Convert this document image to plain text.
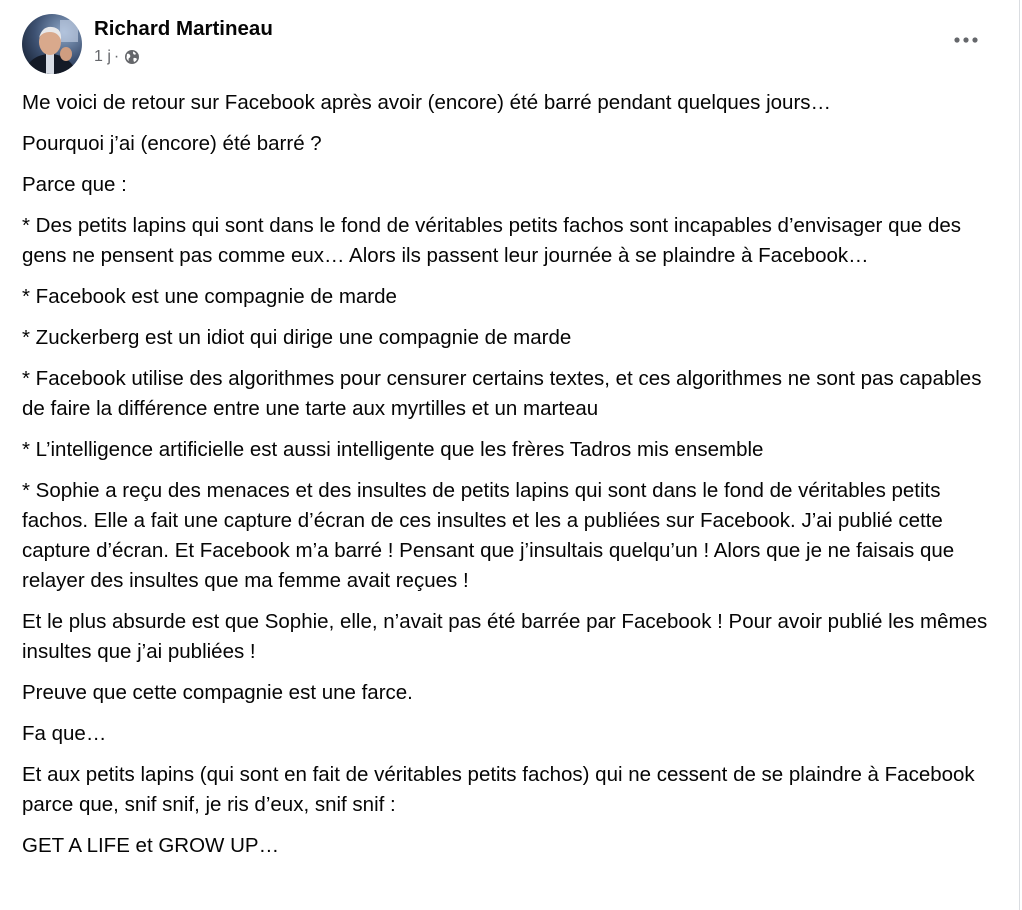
Richard Martineau
1 j ·
Me voici de retour sur Facebook après avoir (encore) été barré pendant quelques jours…
Pourquoi j’ai (encore) été barré ?
Parce que :
* Des petits lapins qui sont dans le fond de véritables petits fachos sont incapables d’envisager que des gens ne pensent pas comme eux… Alors ils passent leur journée à se plaindre à Facebook…
* Facebook est une compagnie de marde
* Zuckerberg est un idiot qui dirige une compagnie de marde
* Facebook utilise des algorithmes pour censurer certains textes, et ces algorithmes ne sont pas capables de faire la différence entre une tarte aux myrtilles et un marteau
* L’intelligence artificielle est aussi intelligente que les frères Tadros mis ensemble
* Sophie a reçu des menaces et des insultes de petits lapins qui sont dans le fond de véritables petits fachos. Elle a fait une capture d’écran de ces insultes et les a publiées sur Facebook. J’ai publié cette capture d’écran. Et Facebook m’a barré ! Pensant que j’insultais quelqu’un ! Alors que je ne faisais que relayer des insultes que ma femme avait reçues !
Et le plus absurde est que Sophie, elle, n’avait pas été barrée par Facebook ! Pour avoir publié les mêmes insultes que j’ai publiées !
Preuve que cette compagnie est une farce.
Fa que…
Et aux petits lapins (qui sont en fait de véritables petits fachos) qui ne cessent de se plaindre à Facebook parce que, snif snif, je ris d’eux, snif snif :
GET A LIFE et GROW UP…
